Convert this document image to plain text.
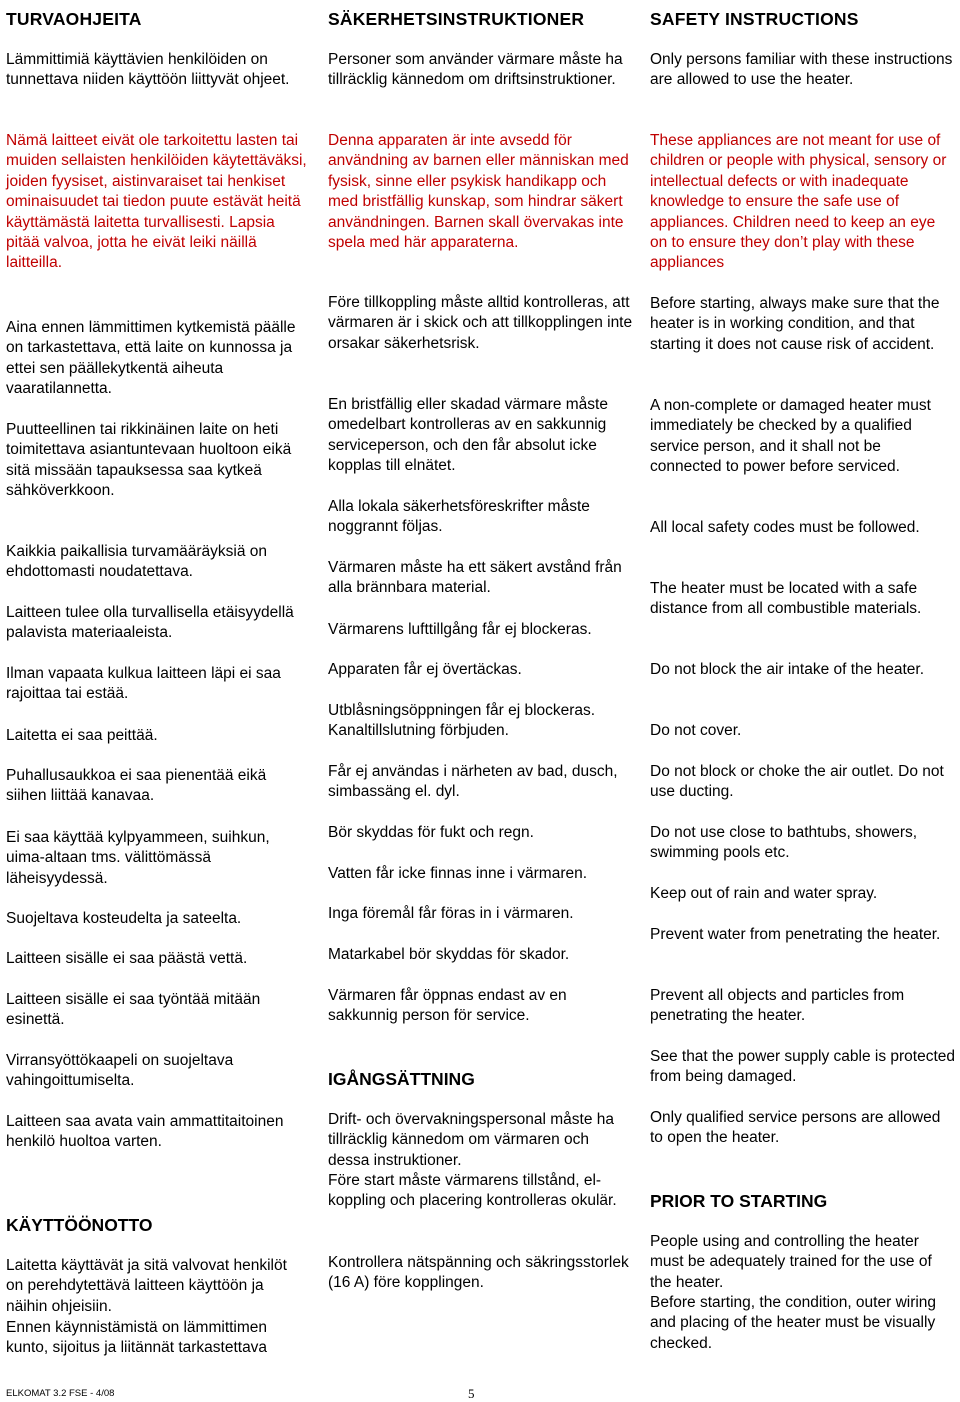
TURVAOHJEITA

Lämmittimiä käyttävien henkilöiden on tunnettava niiden käyttöön liittyvät ohjeet.

Nämä laitteet eivät ole tarkoitettu lasten tai muiden sellaisten henkilöiden käytettäväksi, joiden fyysiset, aistinvaraiset tai henkiset ominaisuudet tai tiedon puute estävät heitä käyttämästä laitetta turvallisesti. Lapsia pitää valvoa, jotta he eivät leiki näillä laitteilla.

Aina ennen lämmittimen kytkemistä päälle on tarkastettava, että laite on kunnossa ja ettei sen päällekytkentä aiheuta vaaratilannetta.

Puutteellinen tai rikkinäinen laite on heti toimitettava asiantuntevaan huoltoon eikä sitä missään tapauksessa saa kytkeä sähköverkkoon.

Kaikkia paikallisia turvamääräyksiä on ehdottomasti noudatettava.

Laitteen tulee olla turvallisella etäisyydellä palavista materiaaleista.

Ilman vapaata kulkua laitteen läpi ei saa rajoittaa tai estää.

Laitetta ei saa peittää.

Puhallusaukkoa ei saa pienentää eikä siihen liittää kanavaa.

Ei saa käyttää kylpyammeen, suihkun, uima-altaan tms. välittömässä läheisyydessä.

Suojeltava kosteudelta ja sateelta.

Laitteen sisälle ei saa päästä vettä.

Laitteen sisälle ei saa työntää mitään esinettä.

Virransyöttökaapeli on suojeltava vahingoittumiselta.

Laitteen saa avata vain ammattitaitoinen henkilö huoltoa varten.

KÄYTTÖÖNOTTO

Laitetta käyttävät ja sitä valvovat henkilöt on perehdytettävä laitteen käyttöön ja näihin ohjeisiin.

Ennen käynnistämistä on lämmittimen kunto, sijoitus ja liitännät tarkastettava

SÄKERHETSINSTRUKTIONER

Personer som använder värmare måste ha tillräcklig kännedom om driftsinstruktioner.

Denna apparaten är inte avsedd för användning av barnen eller människan med fysisk, sinne eller psykisk handikapp och med bristfällig kunskap, som hindrar säkert användningen. Barnen skall övervakas inte spela med här apparaterna.

Före tillkoppling måste alltid kontrolleras, att värmaren är i skick och att tillkopplingen inte orsakar säkerhetsrisk.

En bristfällig eller skadad värmare måste omedelbart kontrolleras av en sakkunnig serviceperson, och den får absolut icke kopplas till elnätet.

Alla lokala säkerhetsföreskrifter måste noggrannt följas.

Värmaren måste ha ett säkert avstånd från alla brännbara material.

Värmarens lufttillgång får ej blockeras.

Apparaten får ej övertäckas.

Utblåsningsöppningen får ej blockeras. Kanaltillslutning förbjuden.

Får ej användas i närheten av bad, dusch, simbassäng el. dyl.

Bör skyddas för fukt och regn.

Vatten får icke finnas inne i värmaren.

Inga föremål får föras in i värmaren.

Matarkabel bör skyddas för skador.

Värmaren får öppnas endast av en sakkunnig person för service.

IGÅNGSÄTTNING

Drift- och övervakningspersonal måste ha tillräcklig kännedom om värmaren och dessa instruktioner.

Före start måste värmarens tillstånd, el-koppling och placering kontrolleras okulär.

Kontrollera nätspänning och säkringsstorlek (16 A) före kopplingen.

SAFETY INSTRUCTIONS

Only persons familiar with these instructions are allowed to use the heater.

These appliances are not meant for use of children or people with physical, sensory or intellectual defects or with inadequate knowledge to ensure the safe use of appliances. Children need to keep an eye on to ensure they don’t play with these appliances

Before starting, always make sure that the heater is in working condition, and that starting it does not cause risk of accident.

A non-complete or damaged heater must immediately be checked by a qualified service person, and it shall not be connected to power before serviced.

All local safety codes must be followed.

The heater must be located with a safe distance from all combustible materials.

Do not block the air intake of the heater.

Do not cover.

Do not block or choke the air outlet. Do not use ducting.

Do not use close to bathtubs, showers, swimming pools etc.

Keep out of rain and water spray.

Prevent water from penetrating the heater.

Prevent all objects and particles from penetrating the heater.

See that the power supply cable is protected from being damaged.

Only qualified service persons are allowed to open the heater.

PRIOR TO STARTING

People using and controlling the heater must be adequately trained for the use of the heater.

Before starting, the condition, outer wiring and placing of the heater must be visually checked.

ELKOMAT 3.2 FSE - 4/08	5
